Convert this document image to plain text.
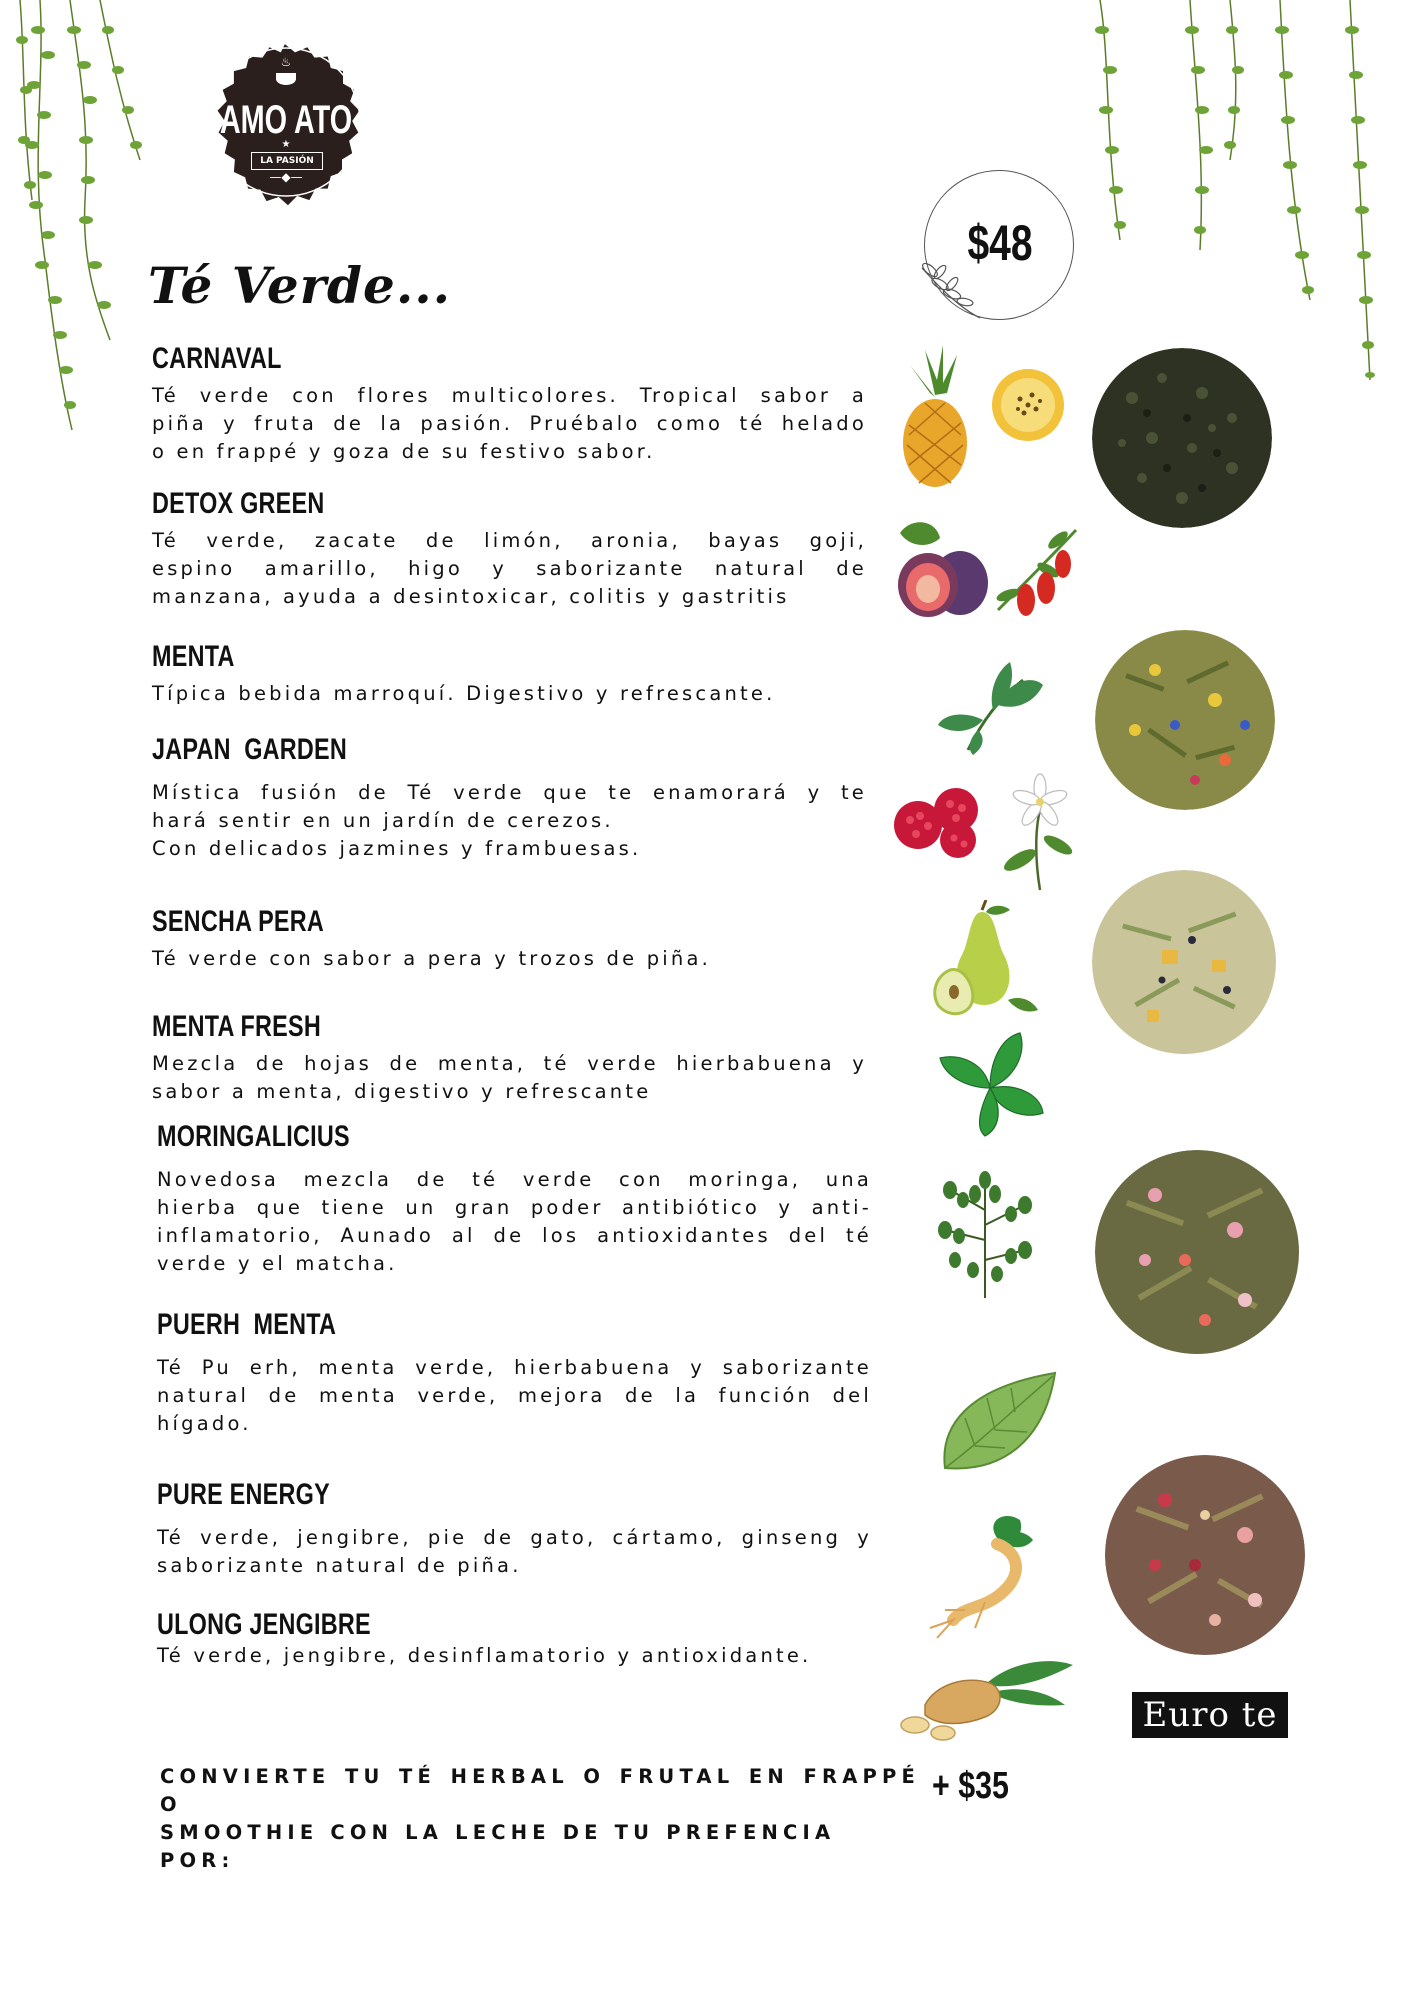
♨
AMO ATO
LA PASIÓN
★
—◆—
Té Verde...
$48
CARNAVAL

Té verde con flores multicolores. Tropical sabor a
piña y fruta de la pasión. Pruébalo como té helado
o en frappé y goza de su festivo sabor.

DETOX GREEN

Té verde, zacate de limón, aronia, bayas goji,
espino amarillo, higo y saborizante natural de
manzana, ayuda a desintoxicar, colitis y gastritis

MENTA

Típica bebida marroquí. Digestivo y refrescante.

JAPAN  GARDEN

Mística fusión de Té verde que te enamorará y te
hará sentir en un jardín de cerezos.
Con delicados jazmines y frambuesas.

SENCHA PERA

Té verde con sabor a pera y trozos de piña.

MENTA FRESH

Mezcla de hojas de menta, té verde hierbabuena y
sabor a menta, digestivo y refrescante

MORINGALICIUS

Novedosa mezcla de té verde con moringa, una
hierba que tiene un gran poder antibiótico y anti-
inflamatorio, Aunado al de los antioxidantes del té
verde y el matcha.

PUERH  MENTA

Té Pu erh, menta verde, hierbabuena y saborizante
natural de menta verde, mejora de la función del
hígado.

PURE ENERGY

Té verde, jengibre, pie de gato, cártamo, ginseng y
saborizante natural de piña.

ULONG JENGIBRE

Té verde, jengibre, desinflamatorio y antioxidante.

Euro te
CONVIERTE TU TÉ HERBAL O FRUTAL EN FRAPPÉ O
SMOOTHIE CON LA LECHE DE TU PREFENCIA POR:
+ $35
